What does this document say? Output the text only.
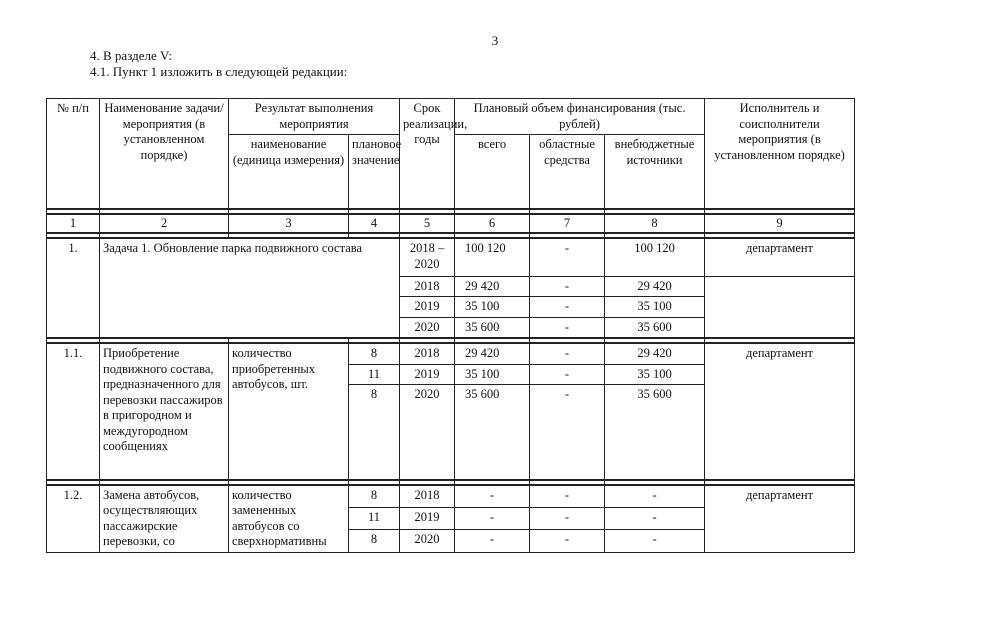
3
4. В разделе V:
4.1. Пункт 1 изложить в следующей редакции:
№ п/п	Наименование задачи/мероприятия (в установленном порядке)	Результат выполнения мероприятия		Срок реализации, годы	Плановый объем финансирования (тыс. рублей)			Исполнитель и соисполнители мероприятия (в установленном порядке)
		наименование (единица измерения)	плановое значение		всего	областные средства	внебюджетные источники	

1	2	3	4	5	6	7	8	9

1.	Задача 1. Обновление парка подвижного состава			2018 – 2020	100 120	-	100 120	департамент
				2018	29 420	-	29 420	
				2019	35 100	-	35 100	
				2020	35 600	-	35 600	

1.1.	Приобретение подвижного состава, предназначенного для перевозки пассажиров в пригородном и междугородном сообщениях	количество приобретенных автобусов, шт.	8	2018	29 420	-	29 420	департамент
			11	2019	35 100	-	35 100	
			8	2020	35 600	-	35 600	

1.2.	Замена автобусов, осуществляющих пассажирские перевозки, со	количество замененных автобусов со сверхнормативны	8	2018	-	-	-	департамент
			11	2019	-	-	-	
			8	2020	-	-	-	
